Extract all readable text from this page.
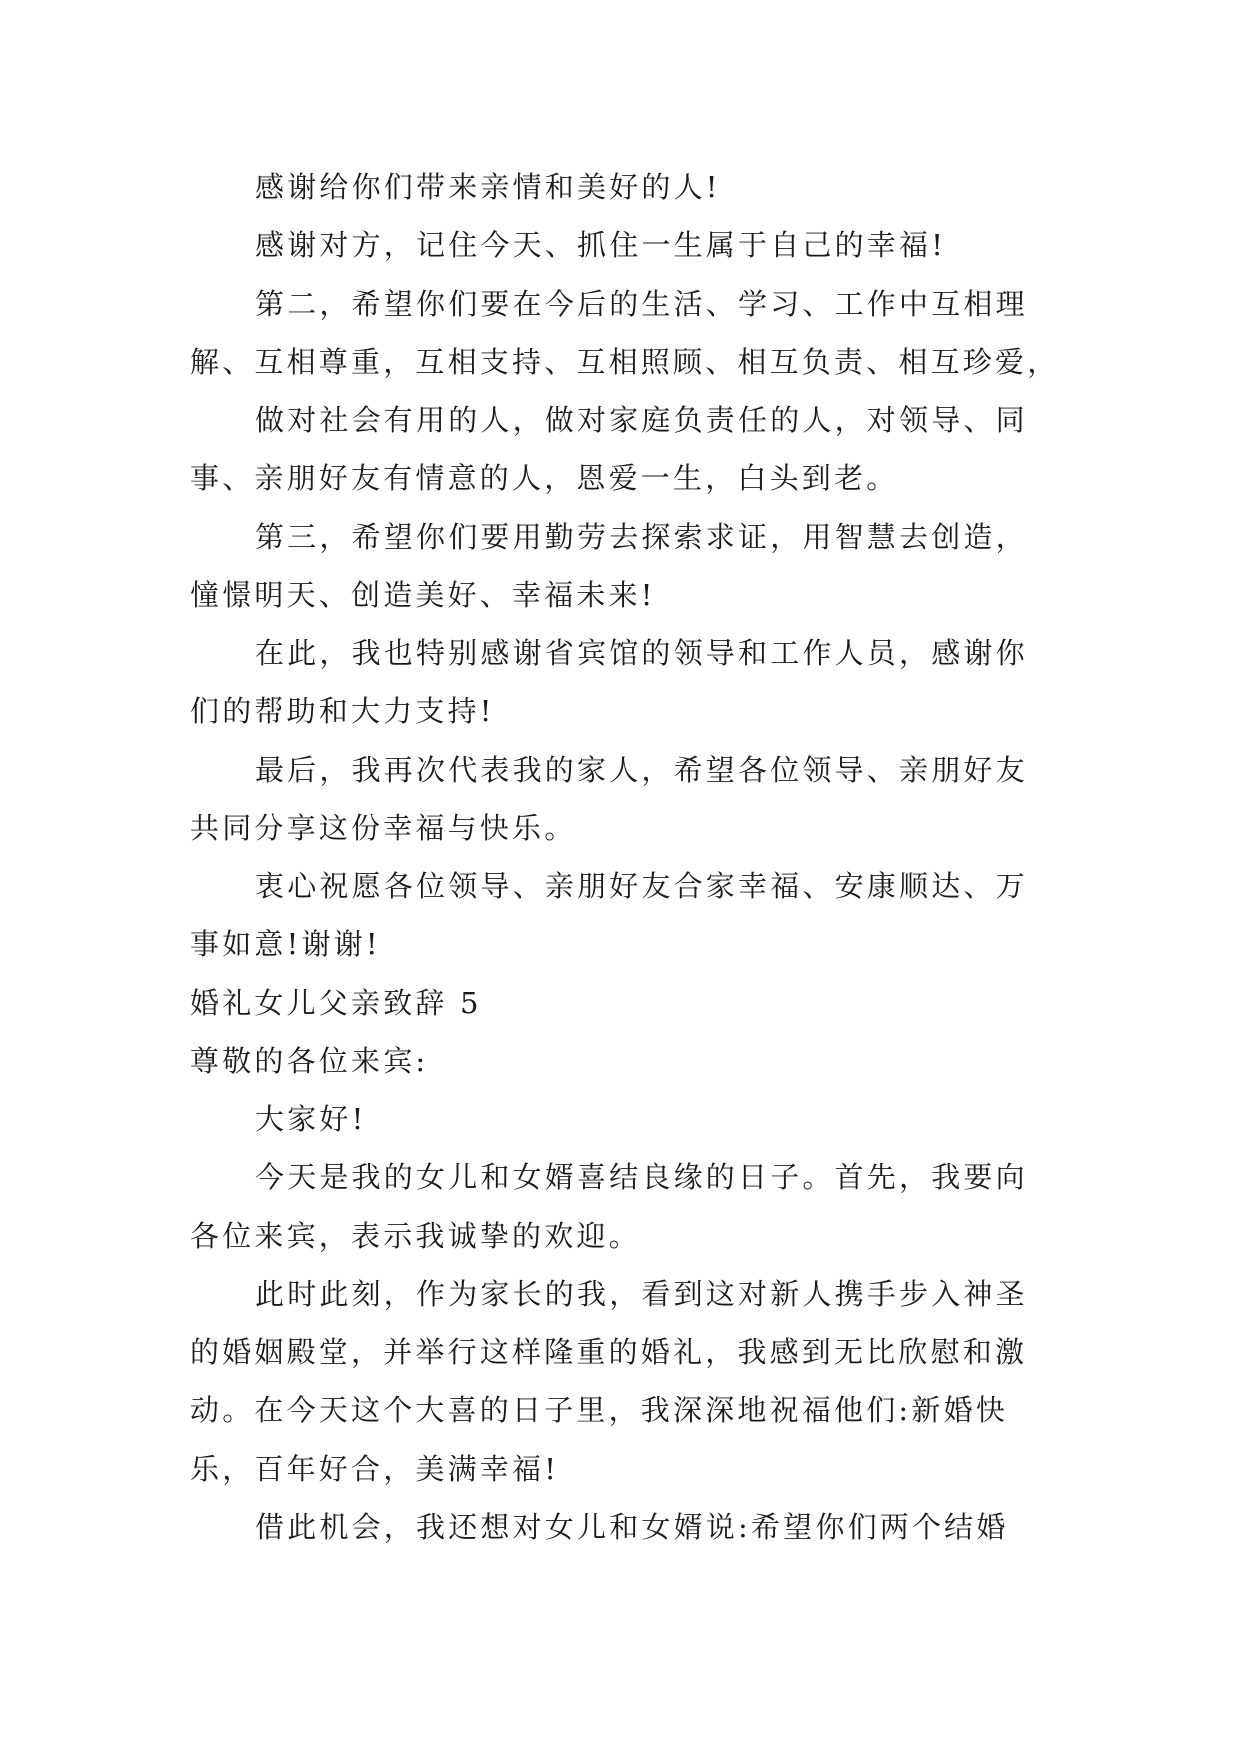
感谢给你们带来亲情和美好的人!
感谢对方，记住今天、抓住一生属于自己的幸福!
第二，希望你们要在今后的生活、学习、工作中互相理
解、互相尊重，互相支持、互相照顾、相互负责、相互珍爱，
做对社会有用的人，做对家庭负责任的人，对领导、同
事、亲朋好友有情意的人，恩爱一生，白头到老。
第三，希望你们要用勤劳去探索求证，用智慧去创造，
憧憬明天、创造美好、幸福未来!
在此，我也特别感谢省宾馆的领导和工作人员，感谢你
们的帮助和大力支持!
最后，我再次代表我的家人，希望各位领导、亲朋好友
共同分享这份幸福与快乐。
衷心祝愿各位领导、亲朋好友合家幸福、安康顺达、万
事如意!谢谢!
婚礼女儿父亲致辞 5
尊敬的各位来宾:
大家好!
今天是我的女儿和女婿喜结良缘的日子。首先，我要向
各位来宾，表示我诚挚的欢迎。
此时此刻，作为家长的我，看到这对新人携手步入神圣
的婚姻殿堂，并举行这样隆重的婚礼，我感到无比欣慰和激
动。在今天这个大喜的日子里，我深深地祝福他们:新婚快
乐，百年好合，美满幸福!
借此机会，我还想对女儿和女婿说:希望你们两个结婚
